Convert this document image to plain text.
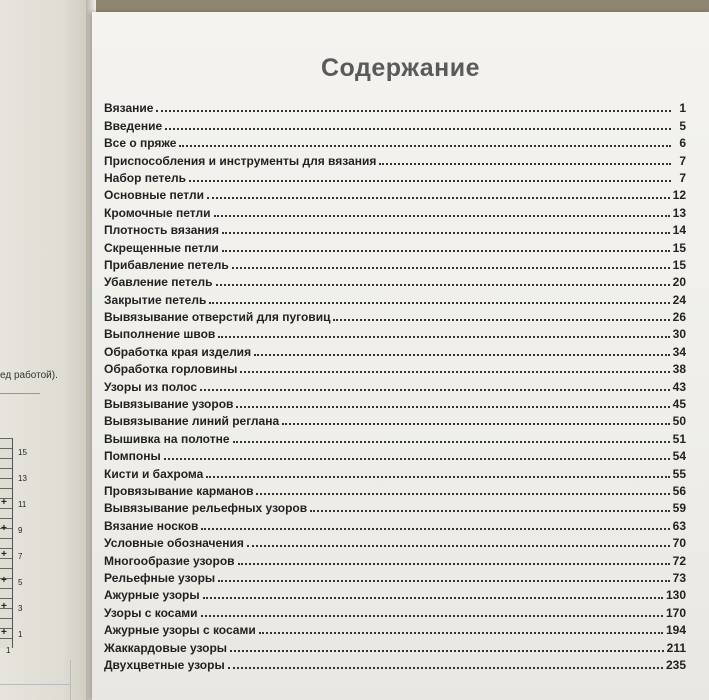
ед работой).
15
13
11
+
9
+
7
+
5
+
3
+
1
+
1
Содержание
Вязание	1
Введение	5
Все о пряже	6
Приспособления и инструменты для вязания	7
Набор петель	7
Основные петли	12
Кромочные петли	13
Плотность вязания	14
Скрещенные петли	15
Прибавление петель	15
Убавление петель	20
Закрытие петель	24
Вывязывание отверстий для пуговиц	26
Выполнение швов	30
Обработка края изделия	34
Обработка горловины	38
Узоры из полос	43
Вывязывание узоров	45
Вывязывание линий реглана	50
Вышивка на полотне	51
Помпоны	54
Кисти и бахрома	55
Провязывание карманов	56
Вывязывание рельефных узоров	59
Вязание носков	63
Условные обозначения	70
Многообразие узоров	72
Рельефные узоры	73
Ажурные узоры	130
Узоры с косами	170
Ажурные узоры с косами	194
Жаккардовые узоры	211
Двухцветные узоры	235
